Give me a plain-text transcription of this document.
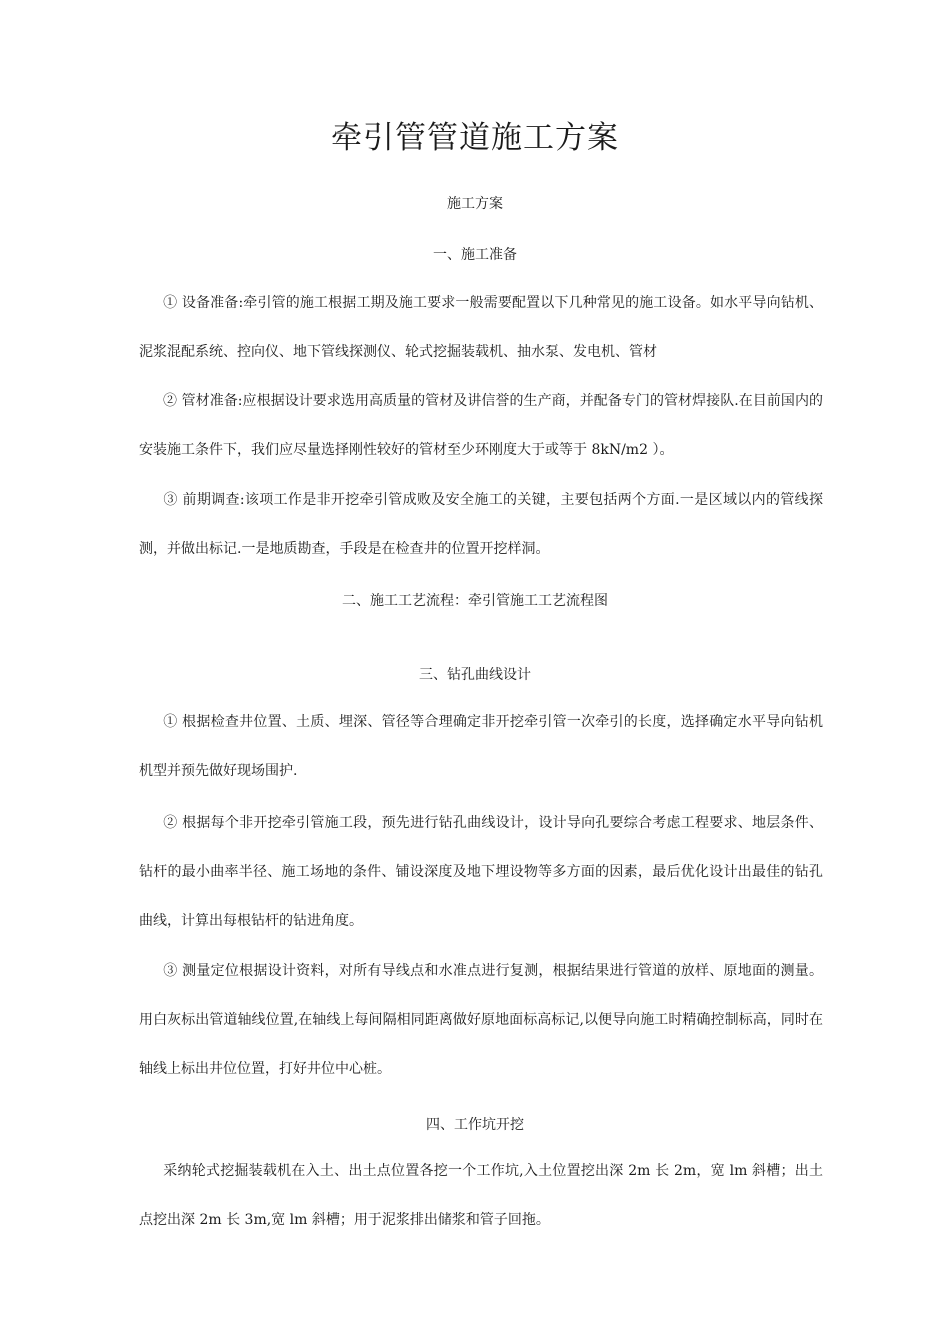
牵引管管道施工方案
施工方案
一、施工准备

① 设备准备:牵引管的施工根据工期及施工要求一般需要配置以下几种常见的施工设备。如水平导向钻机、泥浆混配系统、控向仪、地下管线探测仪、轮式挖掘装载机、抽水泵、发电机、管材

② 管材准备:应根据设计要求选用高质量的管材及讲信誉的生产商，并配备专门的管材焊接队.在目前国内的安装施工条件下，我们应尽量选择刚性较好的管材至少环刚度大于或等于 8kN/m2 ）。

③ 前期调查:该项工作是非开挖牵引管成败及安全施工的关键，主要包括两个方面.一是区域以内的管线探测，并做出标记.一是地质勘查，手段是在检查井的位置开挖样洞。

二、施工工艺流程：牵引管施工工艺流程图
三、钻孔曲线设计

① 根据检查井位置、土质、埋深、管径等合理确定非开挖牵引管一次牵引的长度，选择确定水平导向钻机机型并预先做好现场围护.

② 根据每个非开挖牵引管施工段，预先进行钻孔曲线设计，设计导向孔要综合考虑工程要求、地层条件、钻杆的最小曲率半径、施工场地的条件、铺设深度及地下埋设物等多方面的因素，最后优化设计出最佳的钻孔曲线，计算出每根钻杆的钻进角度。

③ 测量定位根据设计资料，对所有导线点和水准点进行复测，根据结果进行管道的放样、原地面的测量。用白灰标出管道轴线位置,在轴线上每间隔相同距离做好原地面标高标记,以便导向施工时精确控制标高，同时在轴线上标出井位位置，打好井位中心桩。

四、工作坑开挖

采纳轮式挖掘装载机在入土、出土点位置各挖一个工作坑,入土位置挖出深 2m 长 2m，宽 lm 斜槽；出土点挖出深 2m 长 3m,宽 lm 斜槽；用于泥浆排出储浆和管子回拖。
